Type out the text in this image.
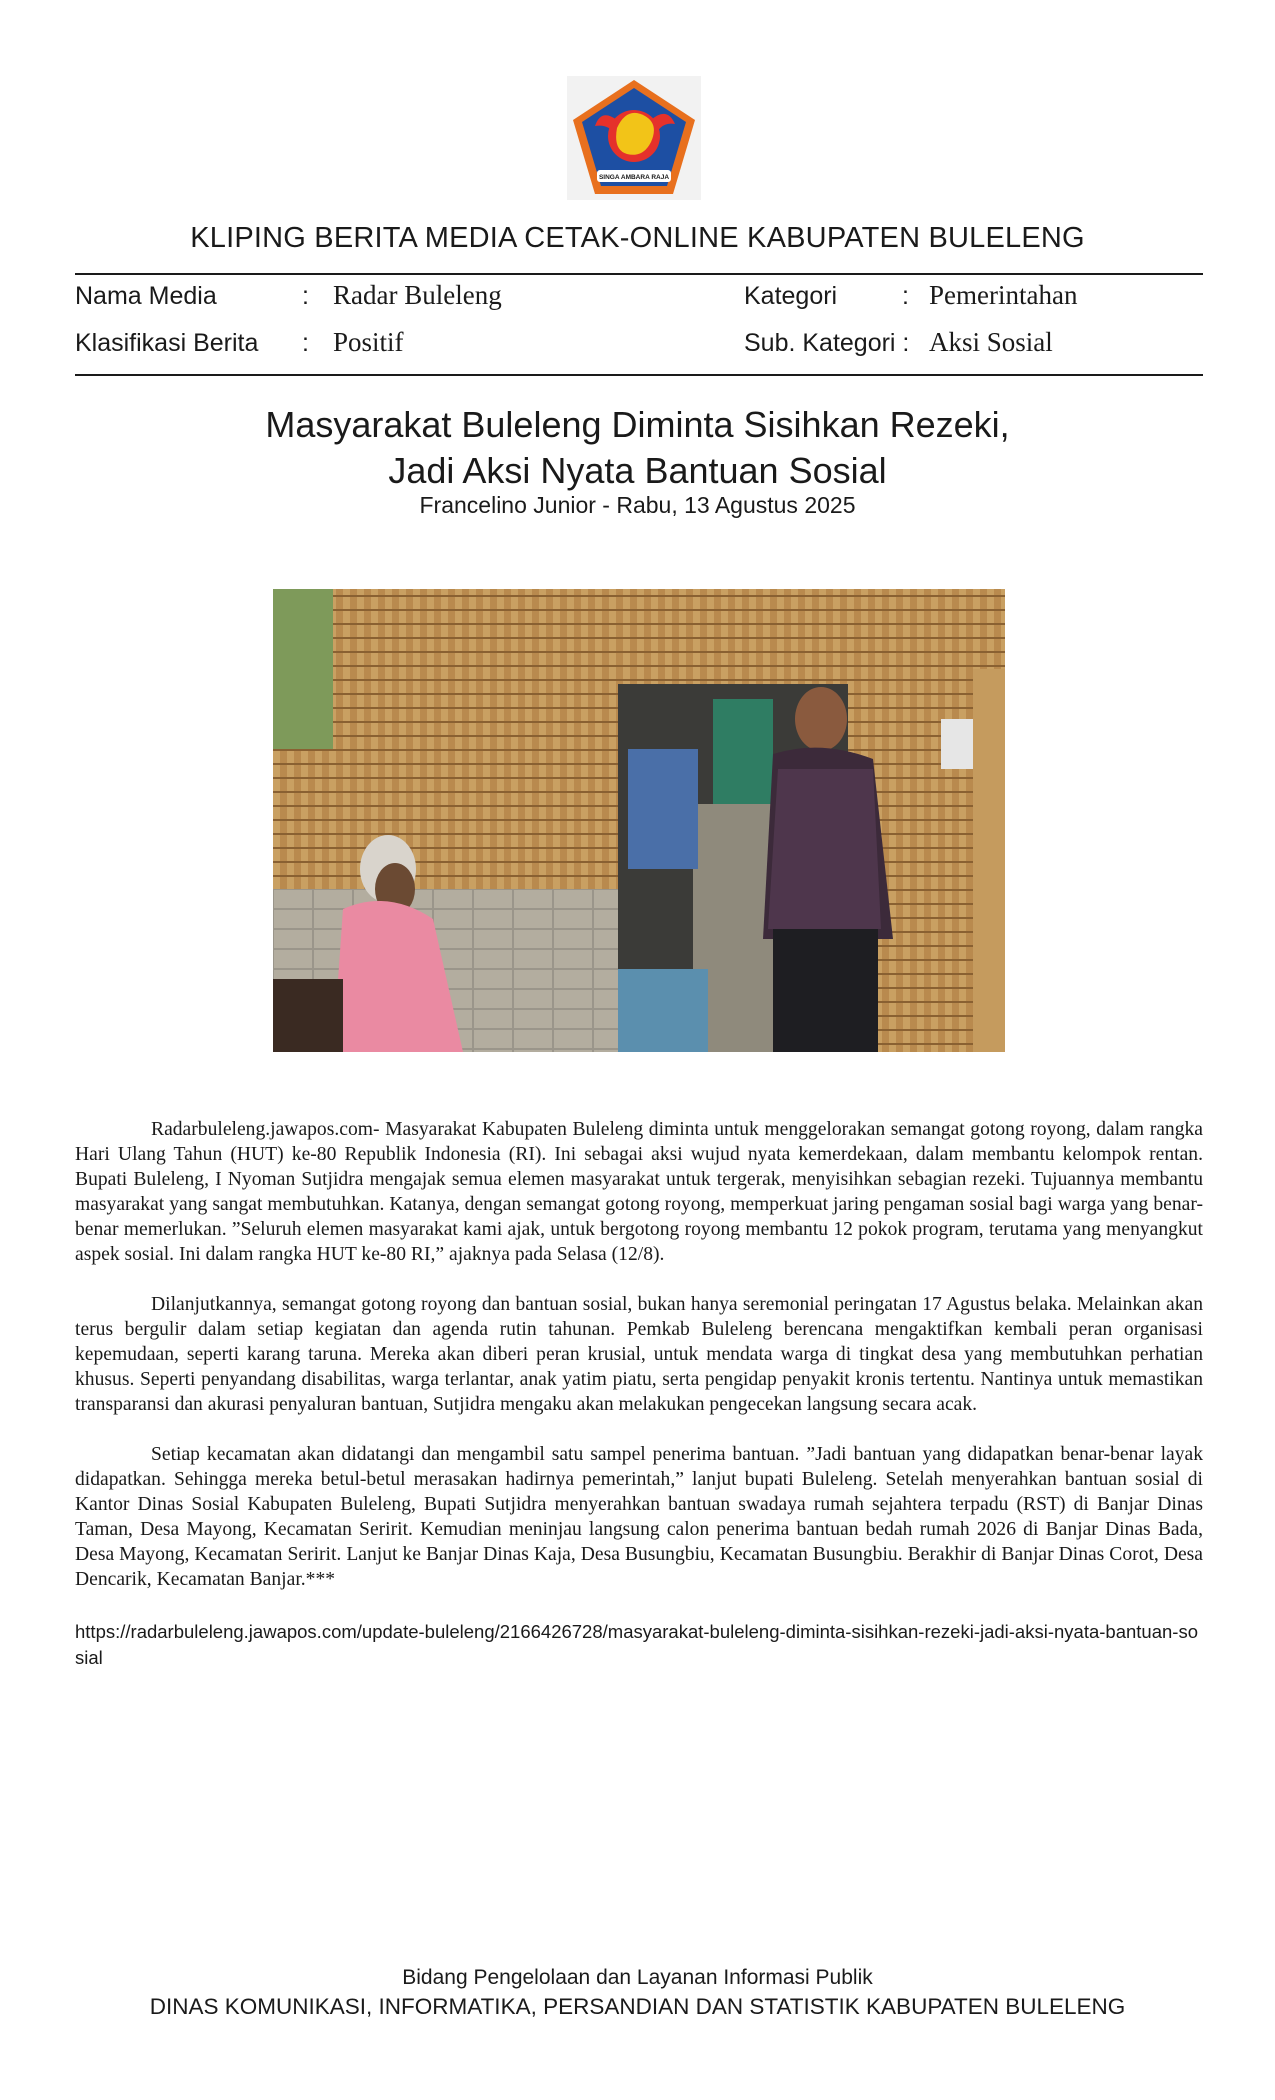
SINGA AMBARA RAJA
KLIPING BERITA MEDIA CETAK-ONLINE KABUPATEN BULELENG
Nama Media	: Radar Buleleng	Kategori	: Pemerintahan
Klasifikasi Berita : Positif	Sub. Kategori : Aksi Sosial
Masyarakat Buleleng Diminta Sisihkan Rezeki,
Jadi Aksi Nyata Bantuan Sosial
Francelino Junior - Rabu, 13 Agustus 2025

Radarbuleleng.jawapos.com- Masyarakat Kabupaten Buleleng diminta untuk menggelorakan semangat gotong royong, dalam rangka Hari Ulang Tahun (HUT) ke-80 Republik Indonesia (RI). Ini sebagai aksi wujud nyata kemerdekaan, dalam membantu kelompok rentan. Bupati Buleleng, I Nyoman Sutjidra mengajak semua elemen masyarakat untuk tergerak, menyisihkan sebagian rezeki. Tujuannya membantu masyarakat yang sangat membutuhkan. Katanya, dengan semangat gotong royong, memperkuat jaring pengaman sosial bagi warga yang benar-benar memerlukan. ”Seluruh elemen masyarakat kami ajak, untuk bergotong royong membantu 12 pokok program, terutama yang menyangkut aspek sosial. Ini dalam rangka HUT ke-80 RI,” ajaknya pada Selasa (12/8).

Dilanjutkannya, semangat gotong royong dan bantuan sosial, bukan hanya seremonial peringatan 17 Agustus belaka. Melainkan akan terus bergulir dalam setiap kegiatan dan agenda rutin tahunan. Pemkab Buleleng berencana mengaktifkan kembali peran organisasi kepemudaan, seperti karang taruna. Mereka akan diberi peran krusial, untuk mendata warga di tingkat desa yang membutuhkan perhatian khusus. Seperti penyandang disabilitas, warga terlantar, anak yatim piatu, serta pengidap penyakit kronis tertentu. Nantinya untuk memastikan transparansi dan akurasi penyaluran bantuan, Sutjidra mengaku akan melakukan pengecekan langsung secara acak.

Setiap kecamatan akan didatangi dan mengambil satu sampel penerima bantuan. ”Jadi bantuan yang didapatkan benar-benar layak didapatkan. Sehingga mereka betul-betul merasakan hadirnya pemerintah,” lanjut bupati Buleleng. Setelah menyerahkan bantuan sosial di Kantor Dinas Sosial Kabupaten Buleleng, Bupati Sutjidra menyerahkan bantuan swadaya rumah sejahtera terpadu (RST) di Banjar Dinas Taman, Desa Mayong, Kecamatan Seririt. Kemudian meninjau langsung calon penerima bantuan bedah rumah 2026 di Banjar Dinas Bada, Desa Mayong, Kecamatan Seririt. Lanjut ke Banjar Dinas Kaja, Desa Busungbiu, Kecamatan Busungbiu. Berakhir di Banjar Dinas Corot, Desa Dencarik, Kecamatan Banjar.***

https://radarbuleleng.jawapos.com/update-buleleng/2166426728/masyarakat-buleleng-diminta-sisihkan-rezeki-jadi-aksi-nyata-bantuan-sosial
Bidang Pengelolaan dan Layanan Informasi Publik
DINAS KOMUNIKASI, INFORMATIKA, PERSANDIAN DAN STATISTIK KABUPATEN BULELENG
